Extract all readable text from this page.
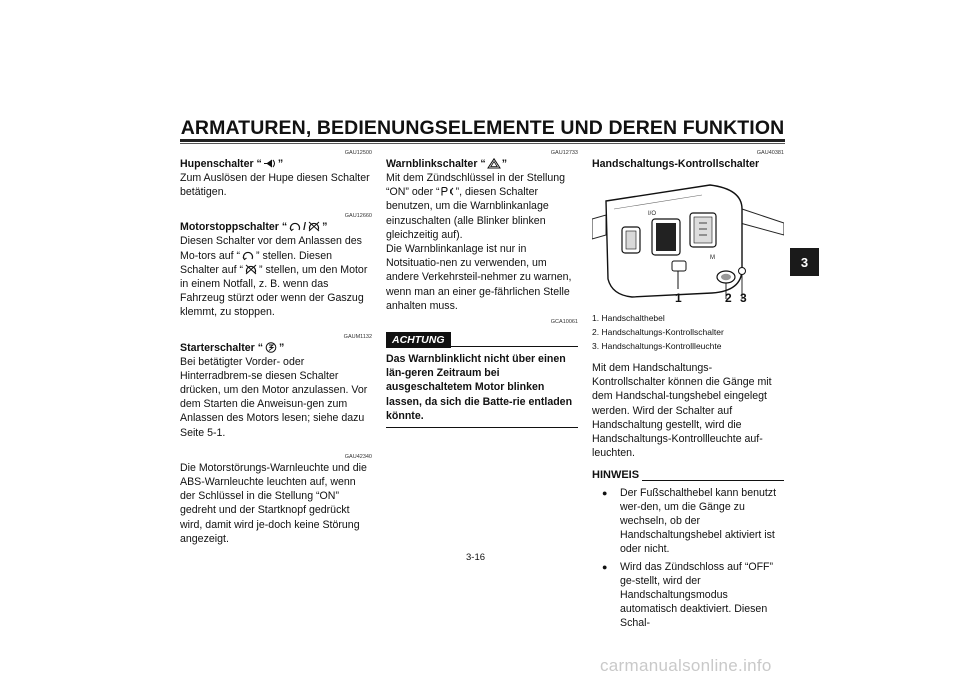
ARMATUREN, BEDIENUNGSELEMENTE UND DEREN FUNKTION
3
GAU12500
Hupenschalter “ ”

Zum Auslösen der Hupe diesen Schalter betätigen.

GAU12660
Motorstoppschalter “ / ”

Diesen Schalter vor dem Anlassen des Mo-tors auf “ ” stellen. Diesen Schalter auf “ ” stellen, um den Motor in einem Notfall, z. B. wenn das Fahrzeug stürzt oder wenn der Gaszug klemmt, zu stoppen.

GAUM1132
Starterschalter “ ”

Bei betätigter Vorder- oder Hinterradbrem-se diesen Schalter drücken, um den Motor anzulassen. Vor dem Starten die Anweisun-gen zum Anlassen des Motors lesen; siehe dazu Seite 5-1.

GAU42340

Die Motorstörungs-Warnleuchte und die ABS-Warnleuchte leuchten auf, wenn der Schlüssel in die Stellung “ON” gedreht und der Startknopf gedrückt wird, damit wird je-doch keine Störung angezeigt.

GAU12733
Warnblinkschalter “ ”

Mit dem Zündschlüssel in der Stellung “ON” oder “ ”, diesen Schalter benutzen, um die Warnblinkanlage einzuschalten (alle Blinker blinken gleichzeitig auf).
Die Warnblinkanlage ist nur in Notsituatio-nen zu verwenden, um andere Verkehrsteil-nehmer zu warnen, wenn man an einer ge-fährlichen Stelle anhalten muss.

GCA10061
ACHTUNG
Das Warnblinklicht nicht über einen län-geren Zeitraum bei ausgeschaltetem Motor blinken lassen, da sich die Batte-rie entladen könnte.
GAU40381
Handschaltungs-Kontrollschalter
I/O
M
1	2 3
1. Handschalthebel
2. Handschaltungs-Kontrollschalter
3. Handschaltungs-Kontrollleuchte

Mit dem Handschaltungs-Kontrollschalter können die Gänge mit dem Handschal-tungshebel eingelegt werden. Wird der Schalter auf Handschaltung gestellt, wird die Handschaltungs-Kontrollleuchte auf-leuchten.

HINWEIS
●	Der Fußschalthebel kann benutzt wer-den, um die Gänge zu wechseln, ob der Handschaltungshebel aktiviert ist oder nicht.
●	Wird das Zündschloss auf “OFF” ge-stellt, wird der Handschaltungsmodus automatisch deaktiviert. Diesen Schal-
3-16
carmanualsonline.info
